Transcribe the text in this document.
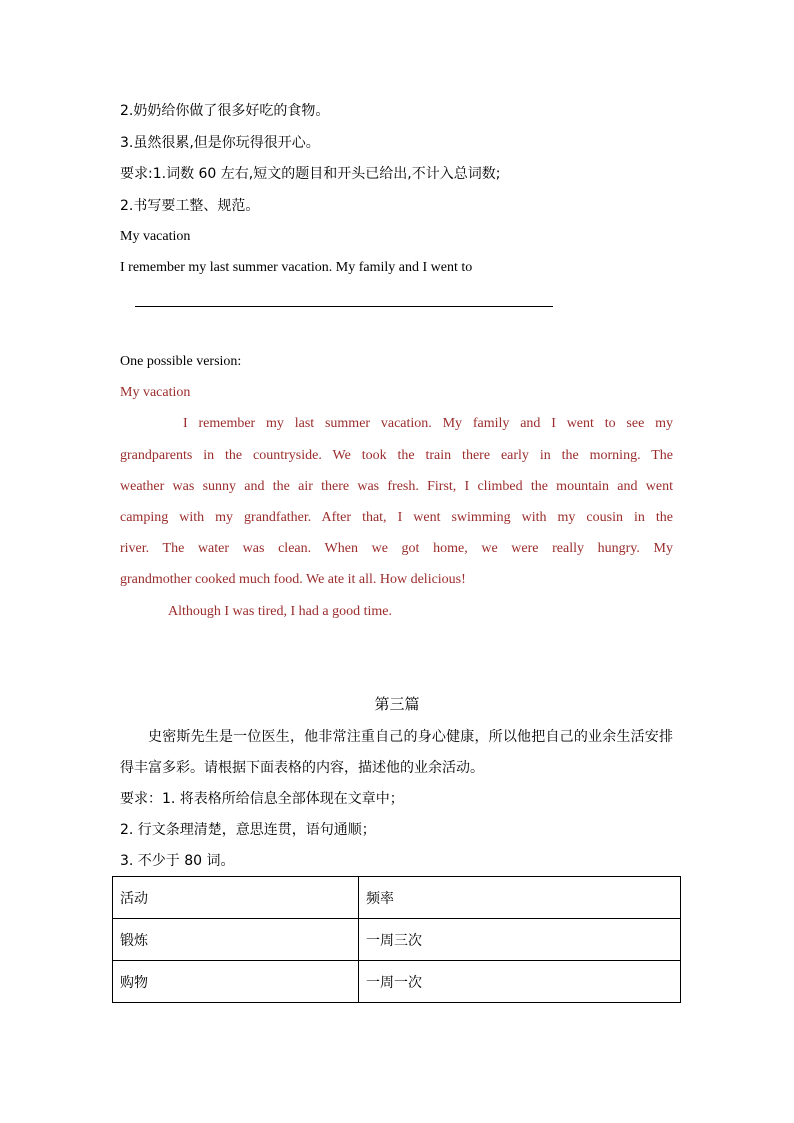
2.奶奶给你做了很多好吃的食物。
3.虽然很累,但是你玩得很开心。
要求:1.词数 60 左右,短文的题目和开头已给出,不计入总词数;
2.书写要工整、规范。
My vacation
I remember my last summer vacation. My family and I went to
One possible version:
My vacation
I remember my last summer vacation. My family and I went to see my
grandparents in the countryside. We took the train there early in the morning. The
weather was sunny and the air there was fresh. First, I climbed the mountain and went
camping with my grandfather. After that, I went swimming with my cousin in the
river. The water was clean. When we got home, we were really hungry. My
grandmother cooked much food. We ate it all. How delicious!
Although I was tired, I had a good time.
第三篇
史密斯先生是一位医生，他非常注重自己的身心健康，所以他把自己的业余生活安排
得丰富多彩。请根据下面表格的内容，描述他的业余活动。
要求：1. 将表格所给信息全部体现在文章中；
2. 行文条理清楚，意思连贯，语句通顺；
3. 不少于 80 词。
活动	频率
锻炼	一周三次
购物	一周一次
